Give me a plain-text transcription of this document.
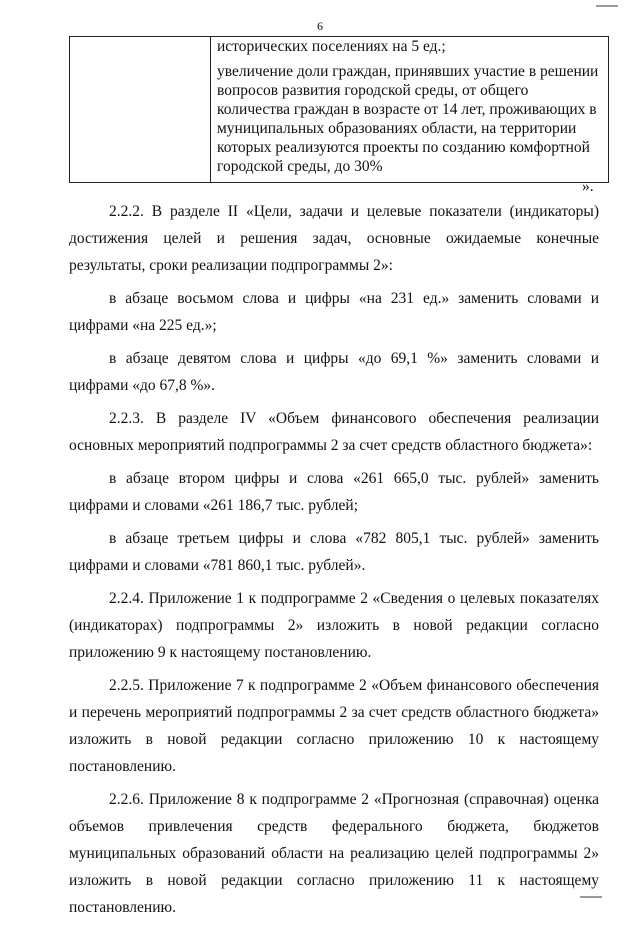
6

исторических поселениях на 5 ед.;
увеличение доли граждан, принявших участие в решении вопросов развития городской среды, от общего количества граждан в возрасте от 14 лет, проживающих в муниципальных образованиях области, на территории которых реализуются проекты по созданию комфортной городской среды, до 30%
».

2.2.2. В разделе II «Цели, задачи и целевые показатели (индикаторы) достижения целей и решения задач, основные ожидаемые конечные результаты, сроки реализации подпрограммы 2»:

в абзаце восьмом слова и цифры «на 231 ед.» заменить словами и цифрами «на 225 ед.»;

в абзаце девятом слова и цифры «до 69,1 %» заменить словами и цифрами «до 67,8 %».

2.2.3. В разделе IV «Объем финансового обеспечения реализации основных мероприятий подпрограммы 2 за счет средств областного бюджета»:

в абзаце втором цифры и слова «261 665,0 тыс. рублей» заменить цифрами и словами «261 186,7 тыс. рублей;

в абзаце третьем цифры и слова «782 805,1 тыс. рублей» заменить цифрами и словами «781 860,1 тыс. рублей».

2.2.4. Приложение 1 к подпрограмме 2 «Сведения о целевых показателях (индикаторах) подпрограммы 2» изложить в новой редакции согласно приложению 9 к настоящему постановлению.

2.2.5. Приложение 7 к подпрограмме 2 «Объем финансового обеспечения и перечень мероприятий подпрограммы 2 за счет средств областного бюджета» изложить в новой редакции согласно приложению 10 к настоящему постановлению.

2.2.6. Приложение 8 к подпрограмме 2 «Прогнозная (справочная) оценка объемов привлечения средств федерального бюджета, бюджетов муниципальных образований области на реализацию целей подпрограммы 2» изложить в новой редакции согласно приложению 11 к настоящему постановлению.
